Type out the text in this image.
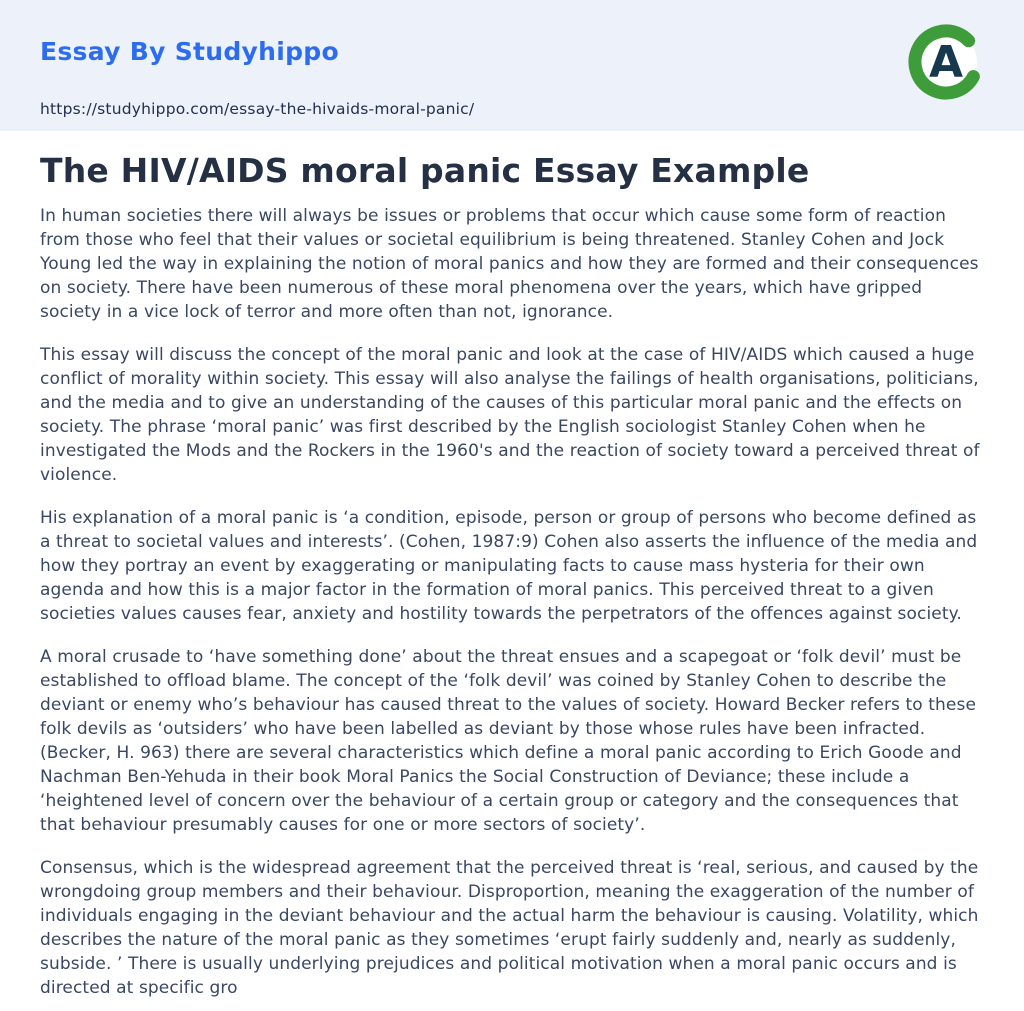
Essay By Studyhippo

https://studyhippo.com/essay-the-hivaids-moral-panic/
A
The HIV/AIDS moral panic Essay Example

In human societies there will always be issues or problems that occur which cause some form of reaction from those who feel that their values or societal equilibrium is being threatened. Stanley Cohen and Jock Young led the way in explaining the notion of moral panics and how they are formed and their consequences on society. There have been numerous of these moral phenomena over the years, which have gripped society in a vice lock of terror and more often than not, ignorance.

This essay will discuss the concept of the moral panic and look at the case of HIV/AIDS which caused a huge conflict of morality within society. This essay will also analyse the failings of health organisations, politicians, and the media and to give an understanding of the causes of this particular moral panic and the effects on society. The phrase ‘moral panic’ was first described by the English sociologist Stanley Cohen when he investigated the Mods and the Rockers in the 1960's and the reaction of society toward a perceived threat of violence.

His explanation of a moral panic is ‘a condition, episode, person or group of persons who become defined as a threat to societal values and interests’. (Cohen, 1987:9) Cohen also asserts the influence of the media and how they portray an event by exaggerating or manipulating facts to cause mass hysteria for their own agenda and how this is a major factor in the formation of moral panics. This perceived threat to a given societies values causes fear, anxiety and hostility towards the perpetrators of the offences against society.

A moral crusade to ‘have something done’ about the threat ensues and a scapegoat or ‘folk devil’ must be established to offload blame. The concept of the ‘folk devil’ was coined by Stanley Cohen to describe the deviant or enemy who’s behaviour has caused threat to the values of society. Howard Becker refers to these folk devils as ‘outsiders’ who have been labelled as deviant by those whose rules have been infracted. (Becker, H. 963) there are several characteristics which define a moral panic according to Erich Goode and Nachman Ben-Yehuda in their book Moral Panics the Social Construction of Deviance; these include a ‘heightened level of concern over the behaviour of a certain group or category and the consequences that that behaviour presumably causes for one or more sectors of society’.

Consensus, which is the widespread agreement that the perceived threat is ‘real, serious, and caused by the wrongdoing group members and their behaviour. Disproportion, meaning the exaggeration of the number of individuals engaging in the deviant behaviour and the actual harm the behaviour is causing. Volatility, which describes the nature of the moral panic as they sometimes ‘erupt fairly suddenly and, nearly as suddenly, subside. ’ There is usually underlying prejudices and political motivation when a moral panic occurs and is directed at specific gro
